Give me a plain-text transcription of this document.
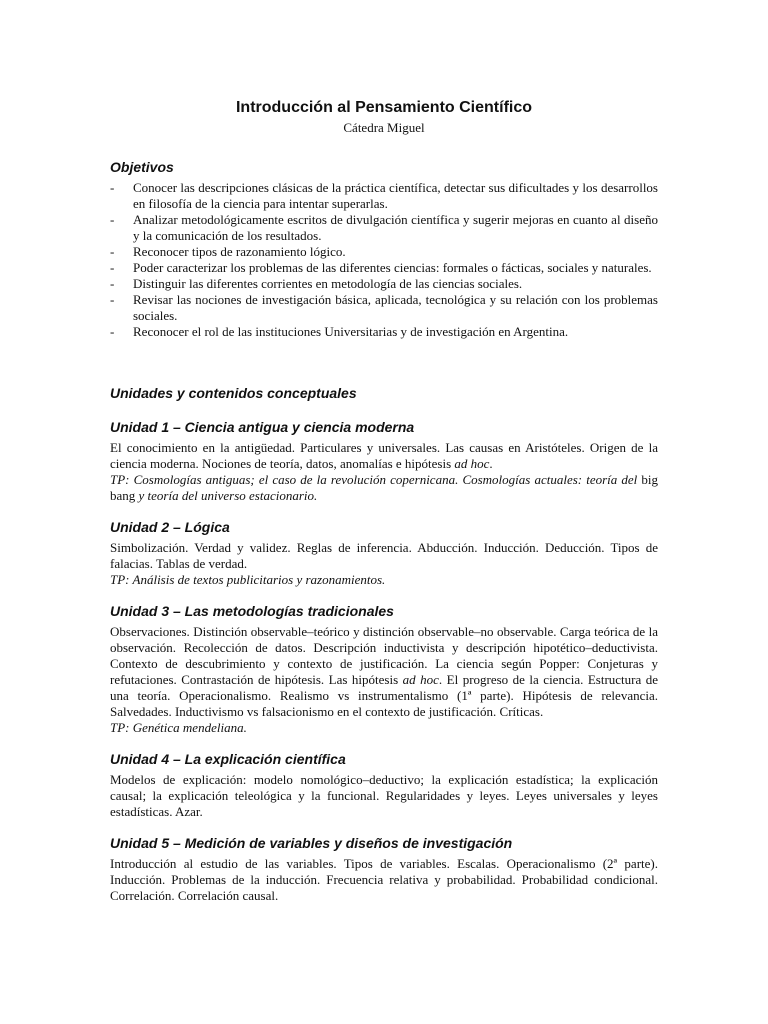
Introducción al Pensamiento Científico

Cátedra Miguel

Objetivos
- Conocer las descripciones clásicas de la práctica científica, detectar sus dificultades y los desarrollos en filosofía de la ciencia para intentar superarlas.
- Analizar metodológicamente escritos de divulgación científica y sugerir mejoras en cuanto al diseño y la comunicación de los resultados.
- Reconocer tipos de razonamiento lógico.
- Poder caracterizar los problemas de las diferentes ciencias: formales o fácticas, sociales y naturales.
- Distinguir las diferentes corrientes en metodología de las ciencias sociales.
- Revisar las nociones de investigación básica, aplicada, tecnológica y su relación con los problemas sociales.
- Reconocer el rol de las instituciones Universitarias y de investigación en Argentina.
Unidades y contenidos conceptuales
Unidad 1 – Ciencia antigua y ciencia moderna

El conocimiento en la antigüedad. Particulares y universales. Las causas en Aristóteles. Origen de la ciencia moderna. Nociones de teoría, datos, anomalías e hipótesis ad hoc.

TP: Cosmologías antiguas; el caso de la revolución copernicana. Cosmologías actuales: teoría del big bang y teoría del universo estacionario.

Unidad 2 – Lógica

Simbolización. Verdad y validez. Reglas de inferencia. Abducción. Inducción. Deducción. Tipos de falacias. Tablas de verdad.

TP: Análisis de textos publicitarios y razonamientos.

Unidad 3 – Las metodologías tradicionales

Observaciones. Distinción observable–teórico y distinción observable–no observable. Carga teórica de la observación. Recolección de datos. Descripción inductivista y descripción hipotético–deductivista. Contexto de descubrimiento y contexto de justificación. La ciencia según Popper: Conjeturas y refutaciones. Contrastación de hipótesis. Las hipótesis ad hoc. El progreso de la ciencia. Estructura de una teoría. Operacionalismo. Realismo vs instrumentalismo (1ª parte). Hipótesis de relevancia. Salvedades. Inductivismo vs falsacionismo en el contexto de justificación. Críticas.

TP: Genética mendeliana.

Unidad 4 – La explicación científica

Modelos de explicación: modelo nomológico–deductivo; la explicación estadística; la explicación causal; la explicación teleológica y la funcional. Regularidades y leyes. Leyes universales y leyes estadísticas. Azar.

Unidad 5 – Medición de variables y diseños de investigación

Introducción al estudio de las variables. Tipos de variables. Escalas. Operacionalismo (2ª parte). Inducción. Problemas de la inducción. Frecuencia relativa y probabilidad. Probabilidad condicional. Correlación. Correlación causal.
